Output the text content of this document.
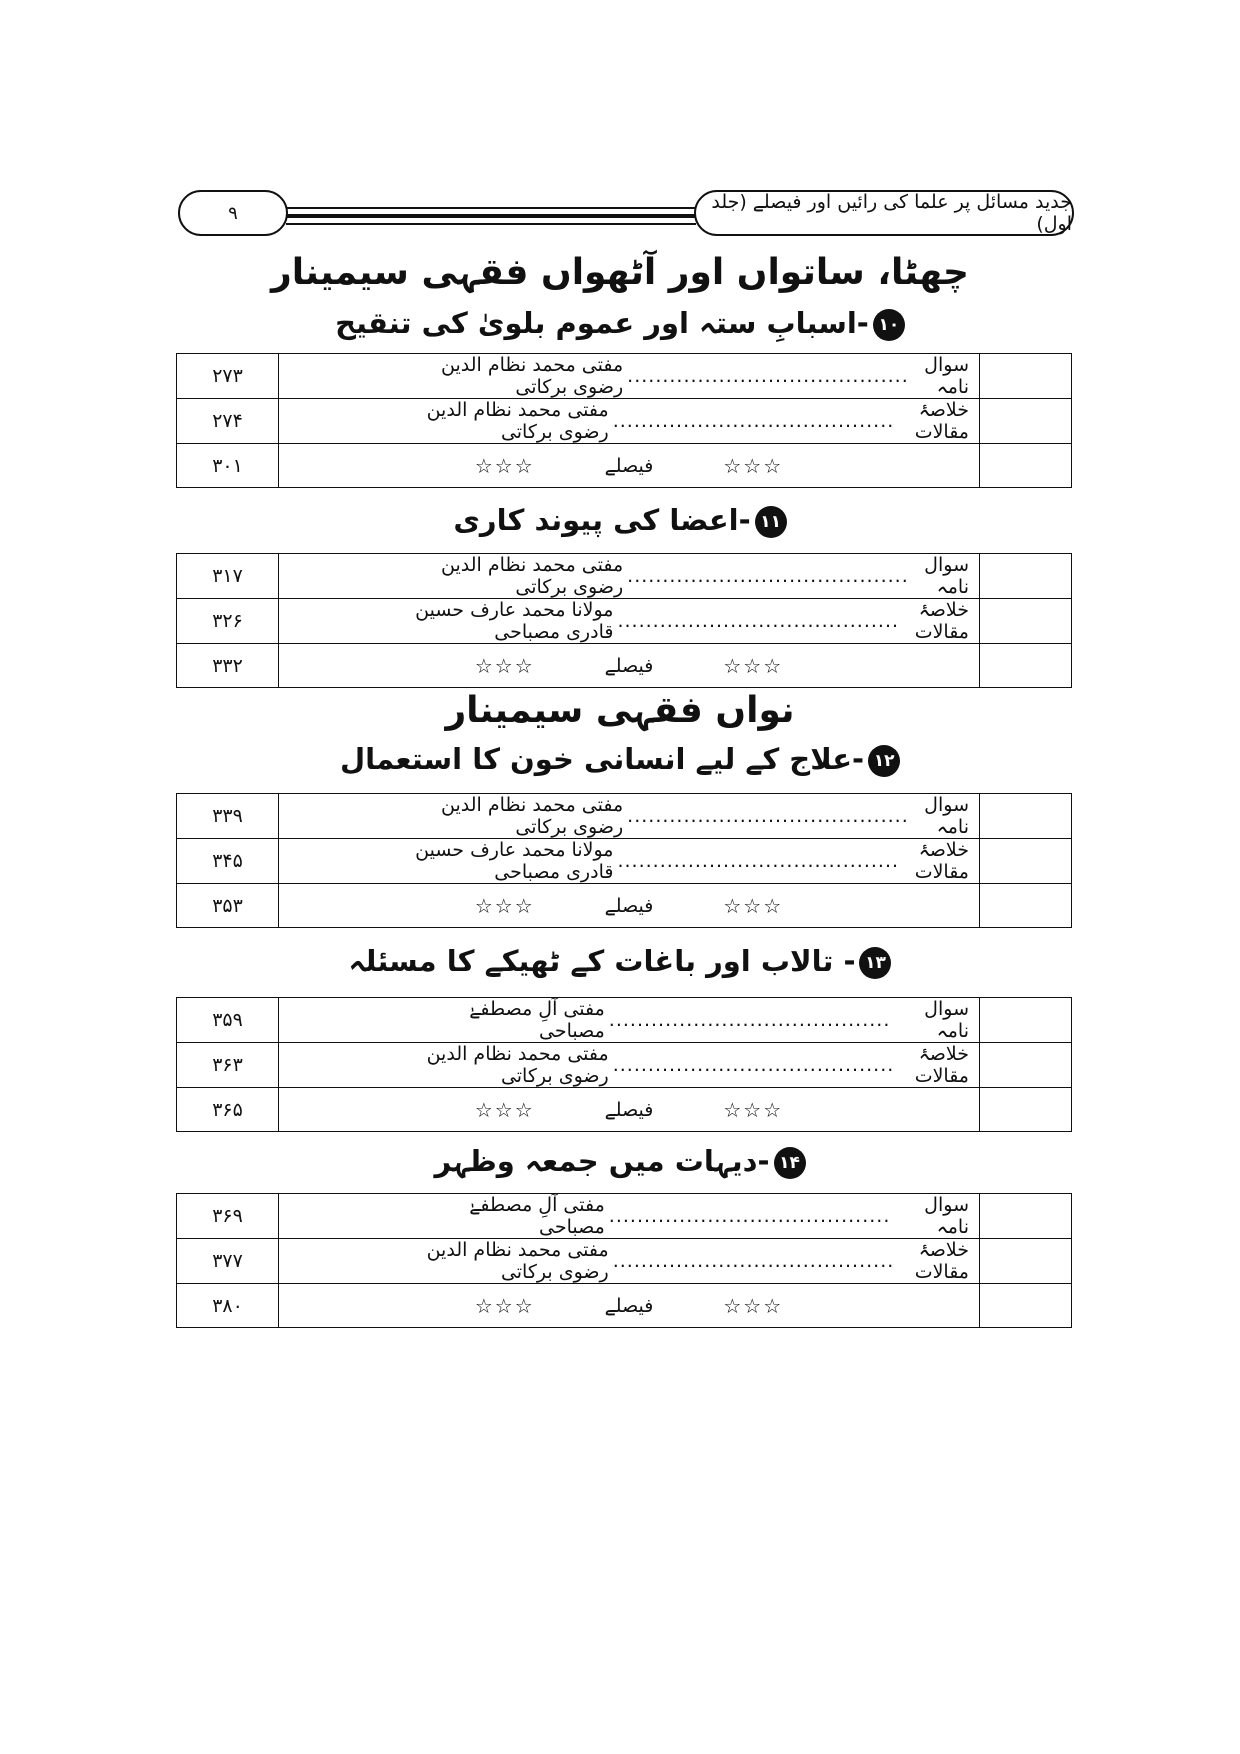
۹	جدید مسائل پر علما کی رائیں اور فیصلے (جلد اول)
چھٹا، ساتواں اور آٹھواں فقہی سیمینار
۱۰-اسبابِ ستہ اور عموم بلویٰ کی تنقیح

	سوال نامہ
........................................
مفتی محمد نظام الدین رضوی برکاتی	۲۷۳

	خلاصۂ مقالات
........................................
مفتی محمد نظام الدین رضوی برکاتی	۲۷۴

	☆☆☆
فیصلے
☆☆☆	۳۰۱
۱۱-اعضا کی پیوند کاری

	سوال نامہ
........................................
مفتی محمد نظام الدین رضوی برکاتی	۳۱۷

	خلاصۂ مقالات
........................................
مولانا محمد عارف حسین قادری مصباحی	۳۲۶

	☆☆☆
فیصلے
☆☆☆	۳۳۲
نواں فقہی سیمینار
۱۲-علاج کے لیے انسانی خون کا استعمال

	سوال نامہ
........................................
مفتی محمد نظام الدین رضوی برکاتی	۳۳۹

	خلاصۂ مقالات
........................................
مولانا محمد عارف حسین قادری مصباحی	۳۴۵

	☆☆☆
فیصلے
☆☆☆	۳۵۳
۱۳- تالاب اور باغات کے ٹھیکے کا مسئلہ

	سوال نامہ
........................................
مفتی آلِ مصطفےٰ مصباحی	۳۵۹

	خلاصۂ مقالات
........................................
مفتی محمد نظام الدین رضوی برکاتی	۳۶۳

	☆☆☆
فیصلے
☆☆☆	۳۶۵
۱۴-دیہات میں جمعہ وظہر

	سوال نامہ
........................................
مفتی آلِ مصطفےٰ مصباحی	۳۶۹

	خلاصۂ مقالات
........................................
مفتی محمد نظام الدین رضوی برکاتی	۳۷۷

	☆☆☆
فیصلے
☆☆☆	۳۸۰
